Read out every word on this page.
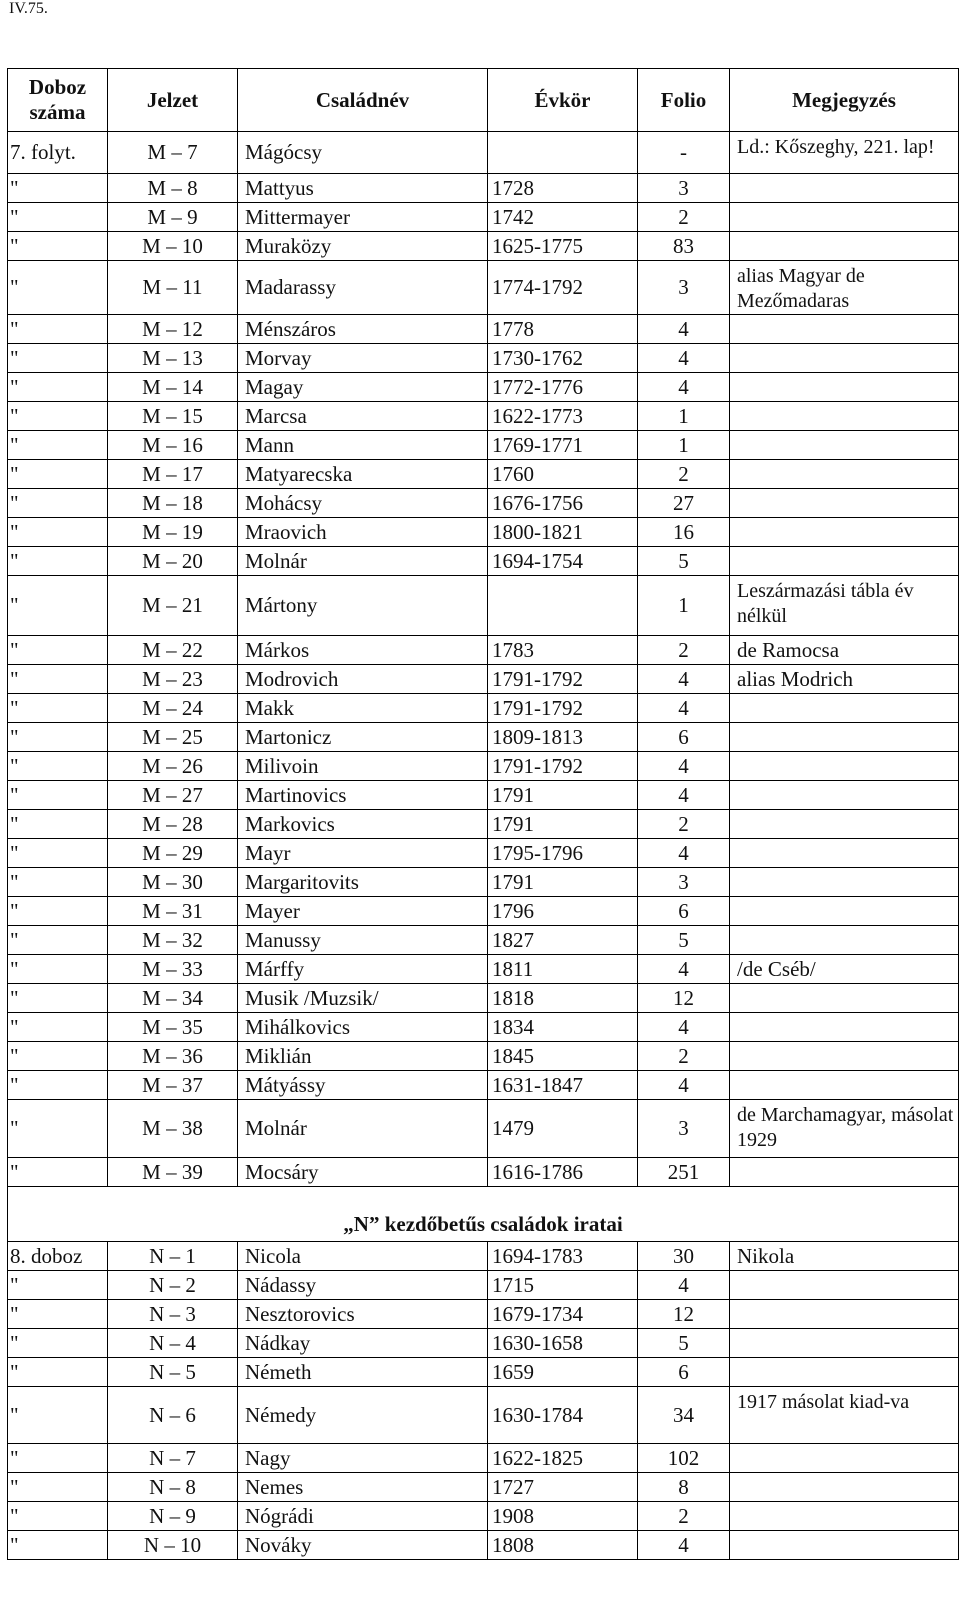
IV.75.
Doboz száma	Jelzet	Családnév	Évkör	Folio	Megjegyzés
7. folyt.	M – 7	Mágócsy		-	Ld.: Kőszeghy, 221. lap!
"	M – 8	Mattyus	1728	3	
"	M – 9	Mittermayer	1742	2	
"	M – 10	Muraközy	1625-1775	83	
"	M – 11	Madarassy	1774-1792	3	alias Magyar de Mezőmadaras
"	M – 12	Ménszáros	1778	4	
"	M – 13	Morvay	1730-1762	4	
"	M – 14	Magay	1772-1776	4	
"	M – 15	Marcsa	1622-1773	1	
"	M – 16	Mann	1769-1771	1	
"	M – 17	Matyarecska	1760	2	
"	M – 18	Mohácsy	1676-1756	27	
"	M – 19	Mraovich	1800-1821	16	
"	M – 20	Molnár	1694-1754	5	
"	M – 21	Mártony		1	Leszármazási tábla év nélkül
"	M – 22	Márkos	1783	2	de Ramocsa
"	M – 23	Modrovich	1791-1792	4	alias Modrich
"	M – 24	Makk	1791-1792	4	
"	M – 25	Martonicz	1809-1813	6	
"	M – 26	Milivoin	1791-1792	4	
"	M – 27	Martinovics	1791	4	
"	M – 28	Markovics	1791	2	
"	M – 29	Mayr	1795-1796	4	
"	M – 30	Margaritovits	1791	3	
"	M – 31	Mayer	1796	6	
"	M – 32	Manussy	1827	5	
"	M – 33	Márffy	1811	4	/de Cséb/
"	M – 34	Musik /Muzsik/	1818	12	
"	M – 35	Mihálkovics	1834	4	
"	M – 36	Miklián	1845	2	
"	M – 37	Mátyássy	1631-1847	4	
"	M – 38	Molnár	1479	3	de Marchamagyar, másolat 1929
"	M – 39	Mocsáry	1616-1786	251	
„N” kezdőbetűs családok iratai					
8. doboz	N – 1	Nicola	1694-1783	30	Nikola
"	N – 2	Nádassy	1715	4	
"	N – 3	Nesztorovics	1679-1734	12	
"	N – 4	Nádkay	1630-1658	5	
"	N – 5	Németh	1659	6	
"	N – 6	Némedy	1630-1784	34	1917 másolat kiad-va
"	N – 7	Nagy	1622-1825	102	
"	N – 8	Nemes	1727	8	
"	N – 9	Nógrádi	1908	2	
"	N – 10	Nováky	1808	4	
